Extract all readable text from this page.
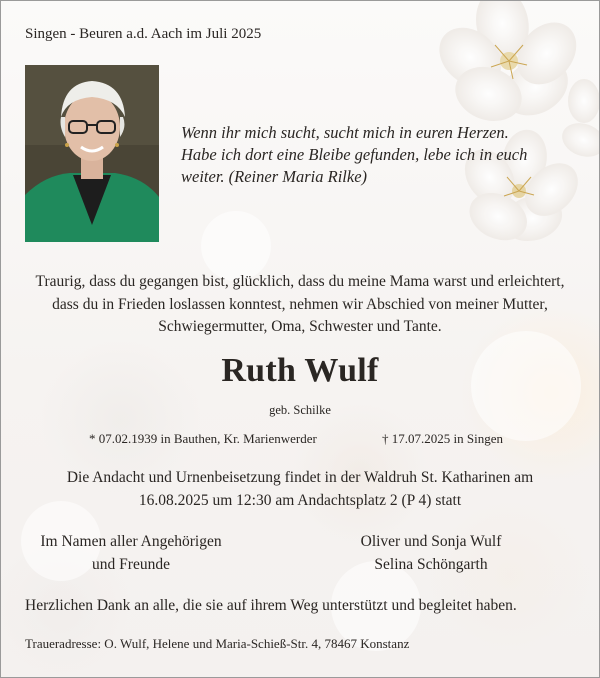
Singen - Beuren a.d. Aach im Juli 2025
Wenn ihr mich sucht, sucht mich in euren Herzen.
Habe ich dort eine Bleibe gefunden, lebe ich in euch
weiter. (Reiner Maria Rilke)
Traurig, dass du gegangen bist, glücklich, dass du meine Mama warst und erleichtert,
dass du in Frieden loslassen konntest, nehmen wir Abschied von meiner Mutter,
Schwiegermutter, Oma, Schwester und Tante.
Ruth Wulf
geb. Schilke
* 07.02.1939 in Bauthen, Kr. Marienwerder	† 17.07.2025 in Singen
Die Andacht und Urnenbeisetzung findet in der Waldruh St. Katharinen am
16.08.2025 um 12:30 am Andachtsplatz 2 (P 4) statt
Im Namen aller Angehörigen
und Freunde
Oliver und Sonja Wulf
Selina Schöngarth
Herzlichen Dank an alle, die sie auf ihrem Weg unterstützt und begleitet haben.
Traueradresse: O. Wulf, Helene und Maria-Schieß-Str. 4, 78467 Konstanz
